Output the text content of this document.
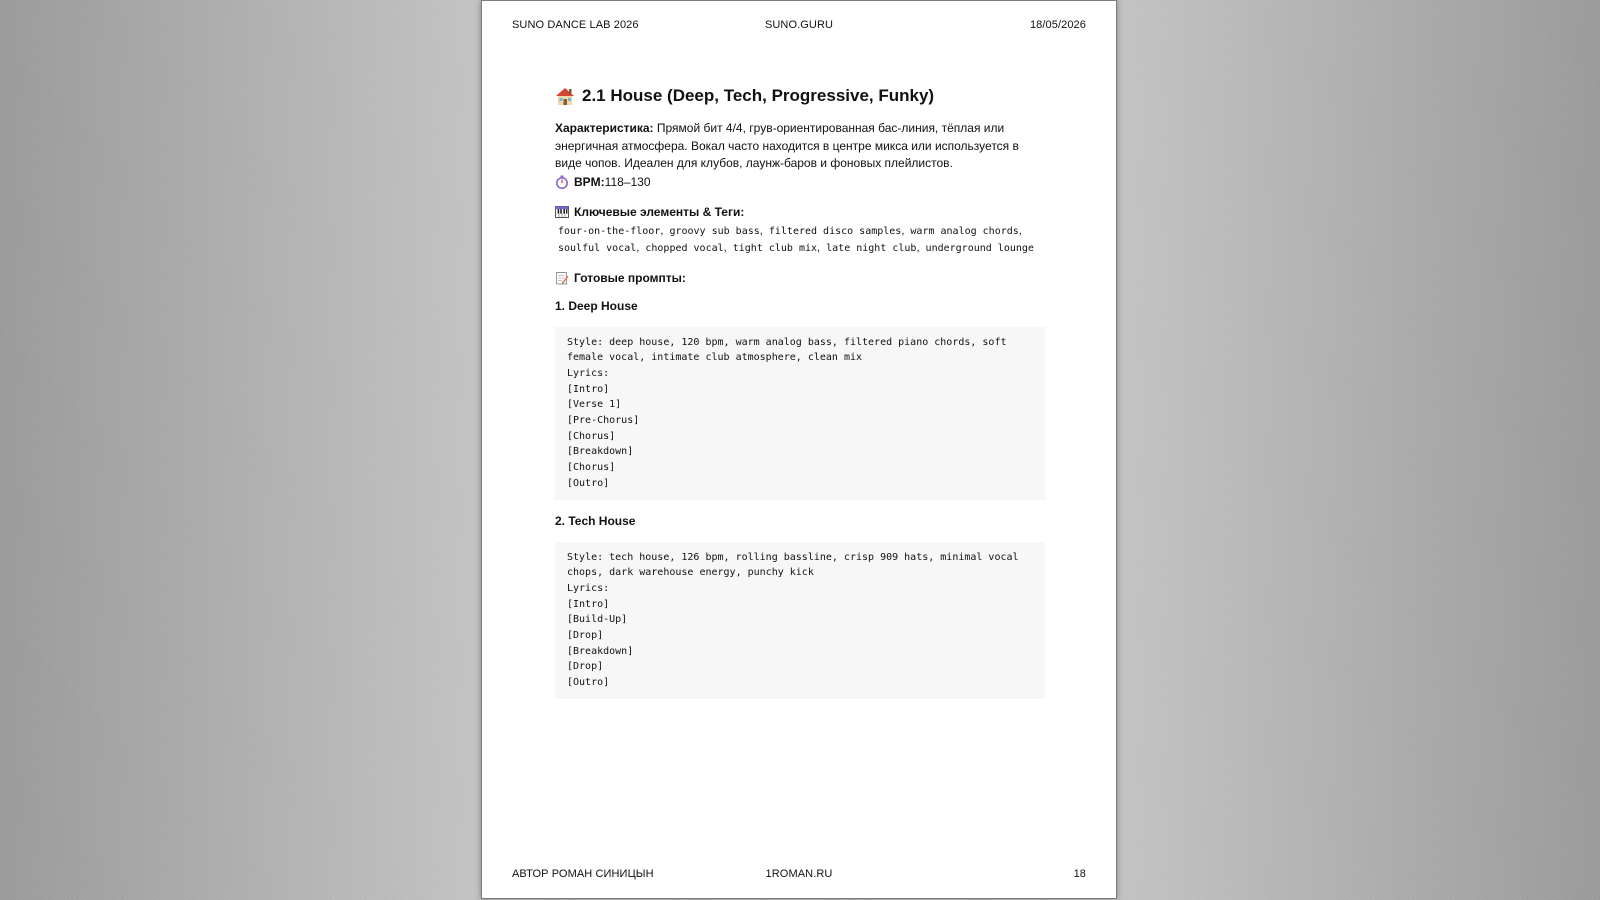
SUNO DANCE LAB 2026	SUNO.GURU	18/05/2026
2.1 House (Deep, Tech, Progressive, Funky)

Характеристика: Прямой бит 4/4, грув-ориентированная бас-линия, тёплая или энергичная атмосфера. Вокал часто находится в центре микса или используется в виде чопов. Идеален для клубов, лаунж-баров и фоновых плейлистов.

BPM: 118–130
Ключевые элементы & Теги:
four-on-the-floor, groovy sub bass, filtered disco samples, warm analog chords,
soulful vocal, chopped vocal, tight club mix, late night club, underground lounge
Готовые промпты:
1. Deep House
Style: deep house, 120 bpm, warm analog bass, filtered piano chords, soft female vocal, intimate club atmosphere, clean mix
Lyrics:
[Intro]
[Verse 1]
[Pre-Chorus]
[Chorus]
[Breakdown]
[Chorus]
[Outro]
2. Tech House
Style: tech house, 126 bpm, rolling bassline, crisp 909 hats, minimal vocal chops, dark warehouse energy, punchy kick
Lyrics:
[Intro]
[Build-Up]
[Drop]
[Breakdown]
[Drop]
[Outro]
АВТОР РОМАН СИНИЦЫН	1ROMAN.RU	18
